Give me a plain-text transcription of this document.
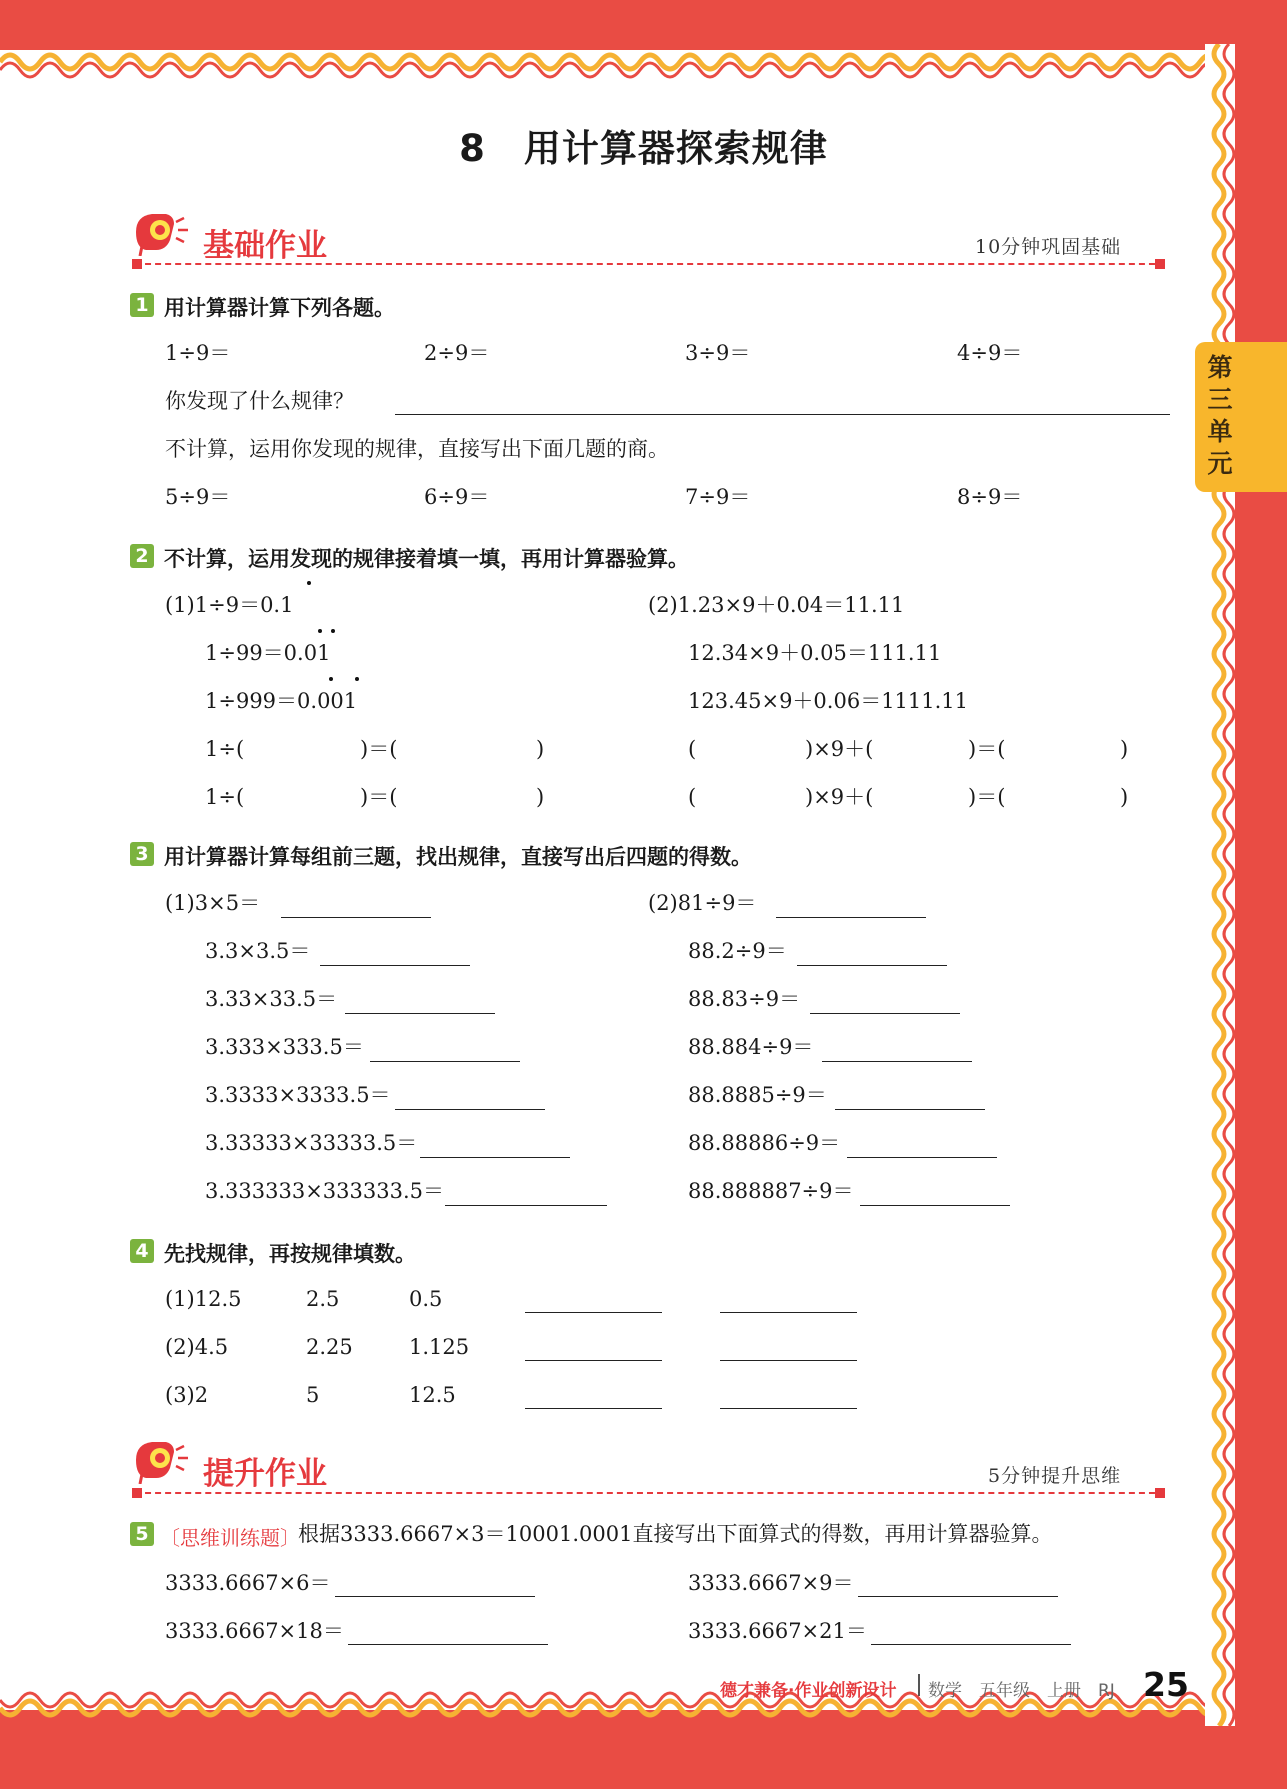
第三单元
8　用计算器探索规律
基础作业	10分钟巩固基础
1 用计算器计算下列各题。
1÷9＝	2÷9＝	3÷9＝	4÷9＝
你发现了什么规律？
不计算，运用你发现的规律，直接写出下面几题的商。
5÷9＝	6÷9＝	7÷9＝	8÷9＝
2 不计算，运用发现的规律接着填一填，再用计算器验算。
(1)1÷9＝0.1
1÷99＝0.01
1÷999＝0.001
1÷(	)＝(	)
1÷(	)＝(	)
(2)1.23×9＋0.04＝11.11
12.34×9＋0.05＝111.11
123.45×9＋0.06＝1111.11
(	)×9＋(	)＝(	)
(	)×9＋(	)＝(	)
3 用计算器计算每组前三题，找出规律，直接写出后四题的得数。
(1)3×5＝
3.3×3.5＝
3.33×33.5＝
3.333×333.5＝
3.3333×3333.5＝
3.33333×33333.5＝
3.333333×333333.5＝
(2)81÷9＝
88.2÷9＝
88.83÷9＝
88.884÷9＝
88.8885÷9＝
88.88886÷9＝
88.888887÷9＝
4 先找规律，再按规律填数。
(1)12.5	2.5	0.5
(2)4.5	2.25	1.125
(3)2	5	12.5
提升作业	5分钟提升思维
5 〔思维训练题〕
根据3333.6667×3＝10001.0001直接写出下面算式的得数，再用计算器验算。
3333.6667×6＝	3333.6667×9＝
3333.6667×18＝	3333.6667×21＝
德才兼备·作业创新设计 数学　五年级　上册　RJ 25
